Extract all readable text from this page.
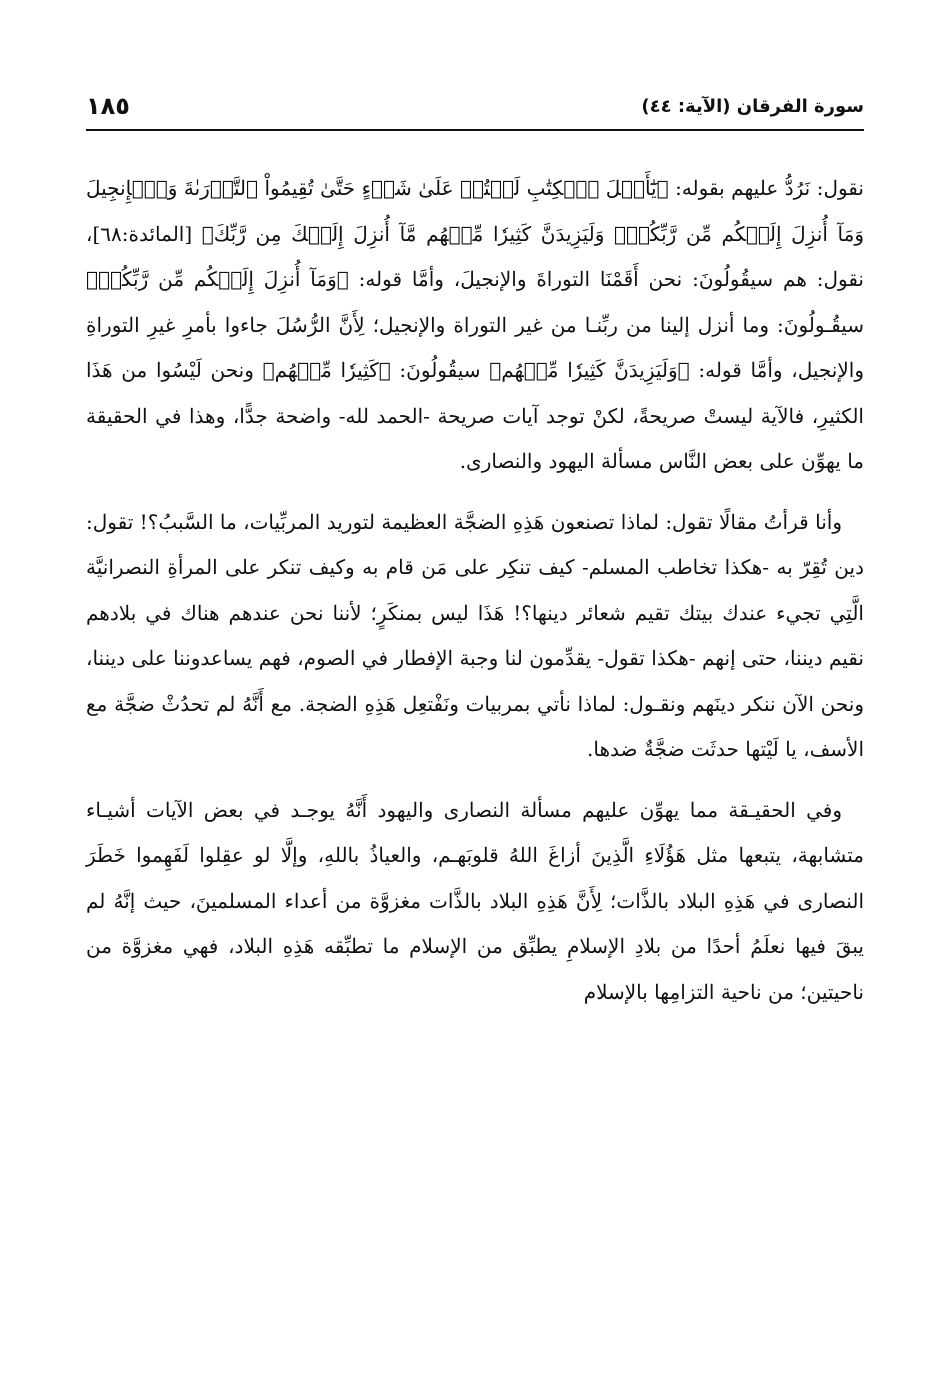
سورة الفرقان (الآية: ٤٤)
١٨٥

نقول: نَرُدُّ عليهم بقوله: ﴿يَٰٓأَهۡلَ ٱلۡكِتَٰبِ لَسۡتُمۡ عَلَىٰ شَيۡءٍ حَتَّىٰ تُقِيمُواْ ٱلتَّوۡرَىٰةَ وَٱلۡإِنجِيلَ وَمَآ أُنزِلَ إِلَيۡكُم مِّن رَّبِّكُمۡۗ وَلَيَزِيدَنَّ كَثِيرٗا مِّنۡهُم مَّآ أُنزِلَ إِلَيۡكَ مِن رَّبِّكَ﴾ [المائدة:٦٨]، نقول: هم سيقُولُونَ: نحن أَقَمْنَا التوراةَ والإنجيلَ، وأمَّا قوله: ﴿وَمَآ أُنزِلَ إِلَيۡكُم مِّن رَّبِّكُمۡ﴾ سيقُـولُونَ: وما أنزل إلينا من ربِّنـا من غير التوراة والإنجيل؛ لِأَنَّ الرُّسُلَ جاءوا بأمرِ غيرِ التوراةِ والإنجيل، وأمَّا قوله: ﴿وَلَيَزِيدَنَّ كَثِيرٗا مِّنۡهُم﴾ سيقُولُونَ: ﴿كَثِيرٗا مِّنۡهُم﴾ ونحن لَيْسُوا من هَذَا الكثيرِ، فالآية ليستْ صريحةً، لكنْ توجد آيات صريحة -الحمد لله- واضحة جدًّا، وهذا في الحقيقة ما يهوِّن على بعض النَّاس مسألة اليهود والنصارى.

وأنا قرأتُ مقالًا تقول: لماذا تصنعون هَذِهِ الضجَّة العظيمة لتوريد المربِّيات، ما السَّببُ؟! تقول: دين تُقِرّ به -هكذا تخاطب المسلم- كيف تنكِر على مَن قام به وكيف تنكر على المرأةِ النصرانيَّة الَّتِي تجيء عندك بيتك تقيم شعائر دينها؟! هَذَا ليس بمنكَرٍ؛ لأننا نحن عندهم هناك في بلادهم نقيم ديننا، حتى إنهم -هكذا تقول- يقدِّمون لنا وجبة الإفطار في الصوم، فهم يساعدوننا على ديننا، ونحن الآن ننكر دينَهم ونقـول: لماذا نأتي بمربيات ونَفْتعِل هَذِهِ الضجة. مع أَنَّهُ لم تحدُثْ ضجَّة مع الأسف، يا لَيْتها حدثَت ضجَّةٌ ضدها.

وفي الحقيـقة مما يهوِّن عليهم مسألة النصارى واليهود أَنَّهُ يوجـد في بعض الآيات أشيـاء متشابهة، يتبعها مثل هَؤُلَاءِ الَّذِينَ أزاغَ اللهُ قلوبَهـم، والعياذُ باللهِ، وإلَّا لو عقِلوا لَفَهِموا خَطَرَ النصارى في هَذِهِ البلاد بالذَّات؛ لِأَنَّ هَذِهِ البلاد بالذَّات مغزوَّة من أعداء المسلمينَ، حيث إنَّهُ لم يبقَ فيها نعلَمُ أحدًا من بلادِ الإسلامِ يطبِّق من الإسلام ما تطبِّقه هَذِهِ البلاد، فهي مغزوَّة من ناحيتين؛ من ناحية التزامِها بالإسلام
